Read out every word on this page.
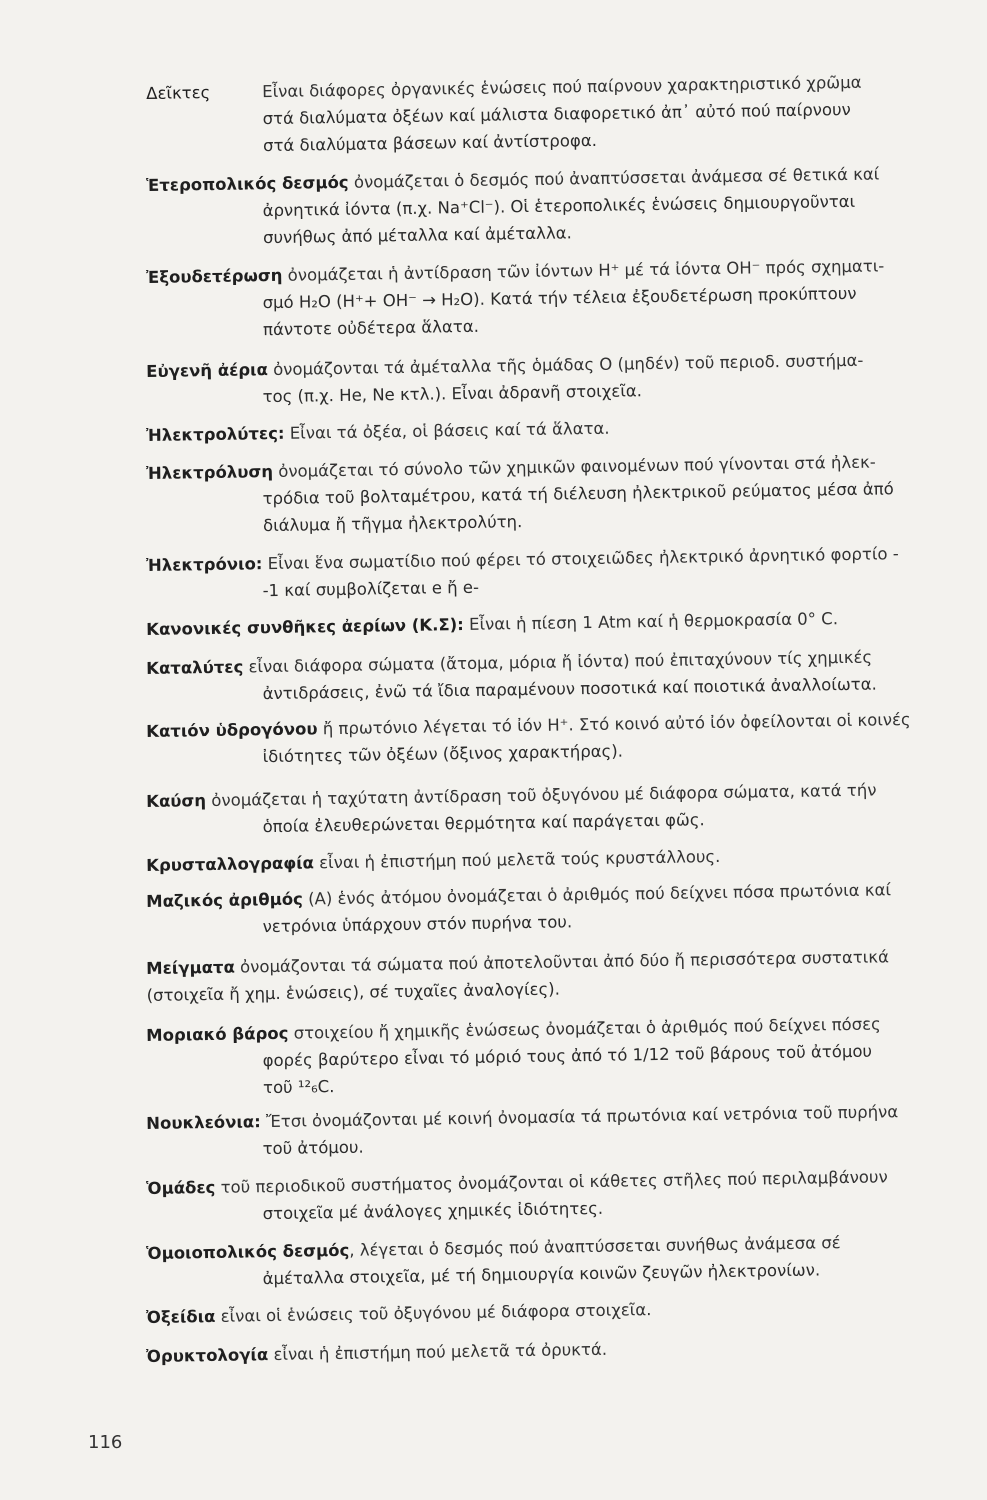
Δεῖκτες	Εἶναι διάφορες ὀργανικές ἑνώσεις πού παίρνουν χαρακτηριστικό χρῶμα
στά διαλύματα ὀξέων καί μάλιστα διαφορετικό ἀπ᾽ αὐτό πού παίρνουν
στά διαλύματα βάσεων καί ἀντίστροφα.
Ἑτεροπολικός δεσμός ὀνομάζεται ὁ δεσμός πού ἀναπτύσσεται ἀνάμεσα σέ θετικά καί
ἀρνητικά ἰόντα (π.χ. Na⁺Cl⁻). Οἱ ἑτεροπολικές ἑνώσεις δημιουργοῦνται
συνήθως ἀπό μέταλλα καί ἀμέταλλα.
Ἐξουδετέρωση ὀνομάζεται ἡ ἀντίδραση τῶν ἰόντων H⁺ μέ τά ἰόντα OH⁻ πρός σχηματι-
σμό H₂O (H⁺+ OH⁻ → H₂O). Κατά τήν τέλεια ἐξουδετέρωση προκύπτουν
πάντοτε οὐδέτερα ἅλατα.
Εὐγενῆ ἀέρια ὀνομάζονται τά ἀμέταλλα τῆς ὁμάδας Ο (μηδέν) τοῦ περιοδ. συστήμα-
τος (π.χ. He, Ne κτλ.). Εἶναι ἀδρανῆ στοιχεῖα.
Ἠλεκτρολύτες: Εἶναι τά ὀξέα, οἱ βάσεις καί τά ἅλατα.
Ἠλεκτρόλυση ὀνομάζεται τό σύνολο τῶν χημικῶν φαινομένων πού γίνονται στά ἠλεκ-
τρόδια τοῦ βολταμέτρου, κατά τή διέλευση ἠλεκτρικοῦ ρεύματος μέσα ἀπό
διάλυμα ἤ τῆγμα ἠλεκτρολύτη.
Ἠλεκτρόνιο: Εἶναι ἕνα σωματίδιο πού φέρει τό στοιχειῶδες ἠλεκτρικό ἀρνητικό φορτίο -
-1 καί συμβολίζεται e ἤ e-
Κανονικές συνθῆκες ἀερίων (Κ.Σ): Εἶναι ἡ πίεση 1 Atm καί ἡ θερμοκρασία 0° C.
Καταλύτες εἶναι διάφορα σώματα (ἄτομα, μόρια ἤ ἰόντα) πού ἐπιταχύνουν τίς χημικές
ἀντιδράσεις, ἐνῶ τά ἴδια παραμένουν ποσοτικά καί ποιοτικά ἀναλλοίωτα.
Κατιόν ὑδρογόνου ἤ πρωτόνιο λέγεται τό ἰόν H⁺. Στό κοινό αὐτό ἰόν ὀφείλονται οἱ κοινές
ἰδιότητες τῶν ὀξέων (ὄξινος χαρακτήρας).
Καύση ὀνομάζεται ἡ ταχύτατη ἀντίδραση τοῦ ὀξυγόνου μέ διάφορα σώματα, κατά τήν
ὁποία ἐλευθερώνεται θερμότητα καί παράγεται φῶς.
Κρυσταλλογραφία εἶναι ἡ ἐπιστήμη πού μελετᾶ τούς κρυστάλλους.
Μαζικός ἀριθμός (A) ἑνός ἀτόμου ὀνομάζεται ὁ ἀριθμός πού δείχνει πόσα πρωτόνια καί
νετρόνια ὑπάρχουν στόν πυρήνα του.
Μείγματα ὀνομάζονται τά σώματα πού ἀποτελοῦνται ἀπό δύο ἤ περισσότερα συστατικά
(στοιχεῖα ἤ χημ. ἑνώσεις), σέ τυχαῖες ἀναλογίες).
Μοριακό βάρος στοιχείου ἤ χημικῆς ἑνώσεως ὀνομάζεται ὁ ἀριθμός πού δείχνει πόσες
φορές βαρύτερο εἶναι τό μόριό τους ἀπό τό 1/12 τοῦ βάρους τοῦ ἀτόμου
τοῦ ¹²₆C.
Νουκλεόνια: Ἔτσι ὀνομάζονται μέ κοινή ὀνομασία τά πρωτόνια καί νετρόνια τοῦ πυρήνα
τοῦ ἀτόμου.
Ὁμάδες τοῦ περιοδικοῦ συστήματος ὀνομάζονται οἱ κάθετες στῆλες πού περιλαμβάνουν
στοιχεῖα μέ ἀνάλογες χημικές ἰδιότητες.
Ὁμοιοπολικός δεσμός, λέγεται ὁ δεσμός πού ἀναπτύσσεται συνήθως ἀνάμεσα σέ
ἀμέταλλα στοιχεῖα, μέ τή δημιουργία κοινῶν ζευγῶν ἠλεκτρονίων.
Ὀξείδια εἶναι οἱ ἑνώσεις τοῦ ὀξυγόνου μέ διάφορα στοιχεῖα.
Ὀρυκτολογία εἶναι ἡ ἐπιστήμη πού μελετᾶ τά ὀρυκτά.
116
